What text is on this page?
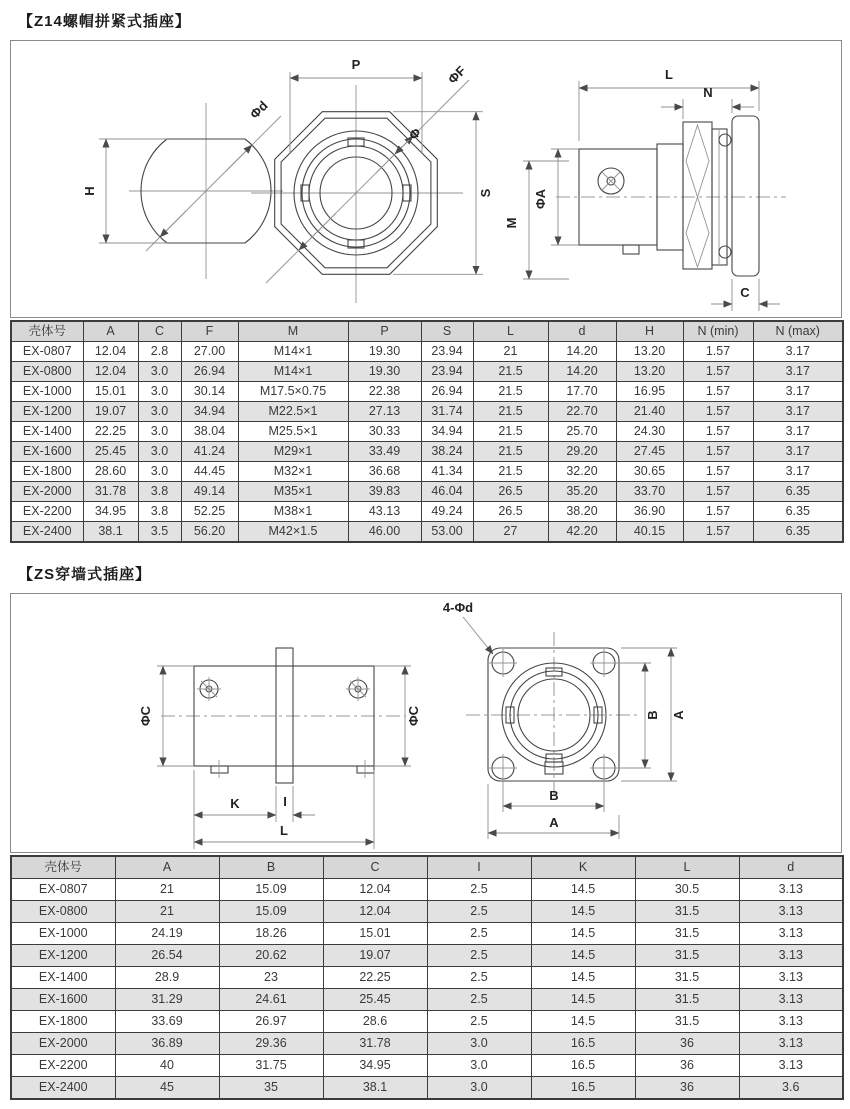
【Z14螺帽拼紧式插座】
Φd
H
P	ΦF
Φ
S
L
N
ΦA
M
C
壳体号	A	C	F	M	P	S	L	d	H	N (min)	N (max)
EX-0807	12.04	2.8	27.00	M14×1	19.30	23.94	21	14.20	13.20	1.57	3.17
EX-0800	12.04	3.0	26.94	M14×1	19.30	23.94	21.5	14.20	13.20	1.57	3.17
EX-1000	15.01	3.0	30.14	M17.5×0.75	22.38	26.94	21.5	17.70	16.95	1.57	3.17
EX-1200	19.07	3.0	34.94	M22.5×1	27.13	31.74	21.5	22.70	21.40	1.57	3.17
EX-1400	22.25	3.0	38.04	M25.5×1	30.33	34.94	21.5	25.70	24.30	1.57	3.17
EX-1600	25.45	3.0	41.24	M29×1	33.49	38.24	21.5	29.20	27.45	1.57	3.17
EX-1800	28.60	3.0	44.45	M32×1	36.68	41.34	21.5	32.20	30.65	1.57	3.17
EX-2000	31.78	3.8	49.14	M35×1	39.83	46.04	26.5	35.20	33.70	1.57	6.35
EX-2200	34.95	3.8	52.25	M38×1	43.13	49.24	26.5	38.20	36.90	1.57	6.35
EX-2400	38.1	3.5	56.20	M42×1.5	46.00	53.00	27	42.20	40.15	1.57	6.35
【ZS穿墙式插座】
ΦC	ΦC
K	I
L
4-Φd
B A
B
A
壳体号	A	B	C	I	K	L	d
EX-0807	21	15.09	12.04	2.5	14.5	30.5	3.13
EX-0800	21	15.09	12.04	2.5	14.5	31.5	3.13
EX-1000	24.19	18.26	15.01	2.5	14.5	31.5	3.13
EX-1200	26.54	20.62	19.07	2.5	14.5	31.5	3.13
EX-1400	28.9	23	22.25	2.5	14.5	31.5	3.13
EX-1600	31.29	24.61	25.45	2.5	14.5	31.5	3.13
EX-1800	33.69	26.97	28.6	2.5	14.5	31.5	3.13
EX-2000	36.89	29.36	31.78	3.0	16.5	36	3.13
EX-2200	40	31.75	34.95	3.0	16.5	36	3.13
EX-2400	45	35	38.1	3.0	16.5	36	3.6
